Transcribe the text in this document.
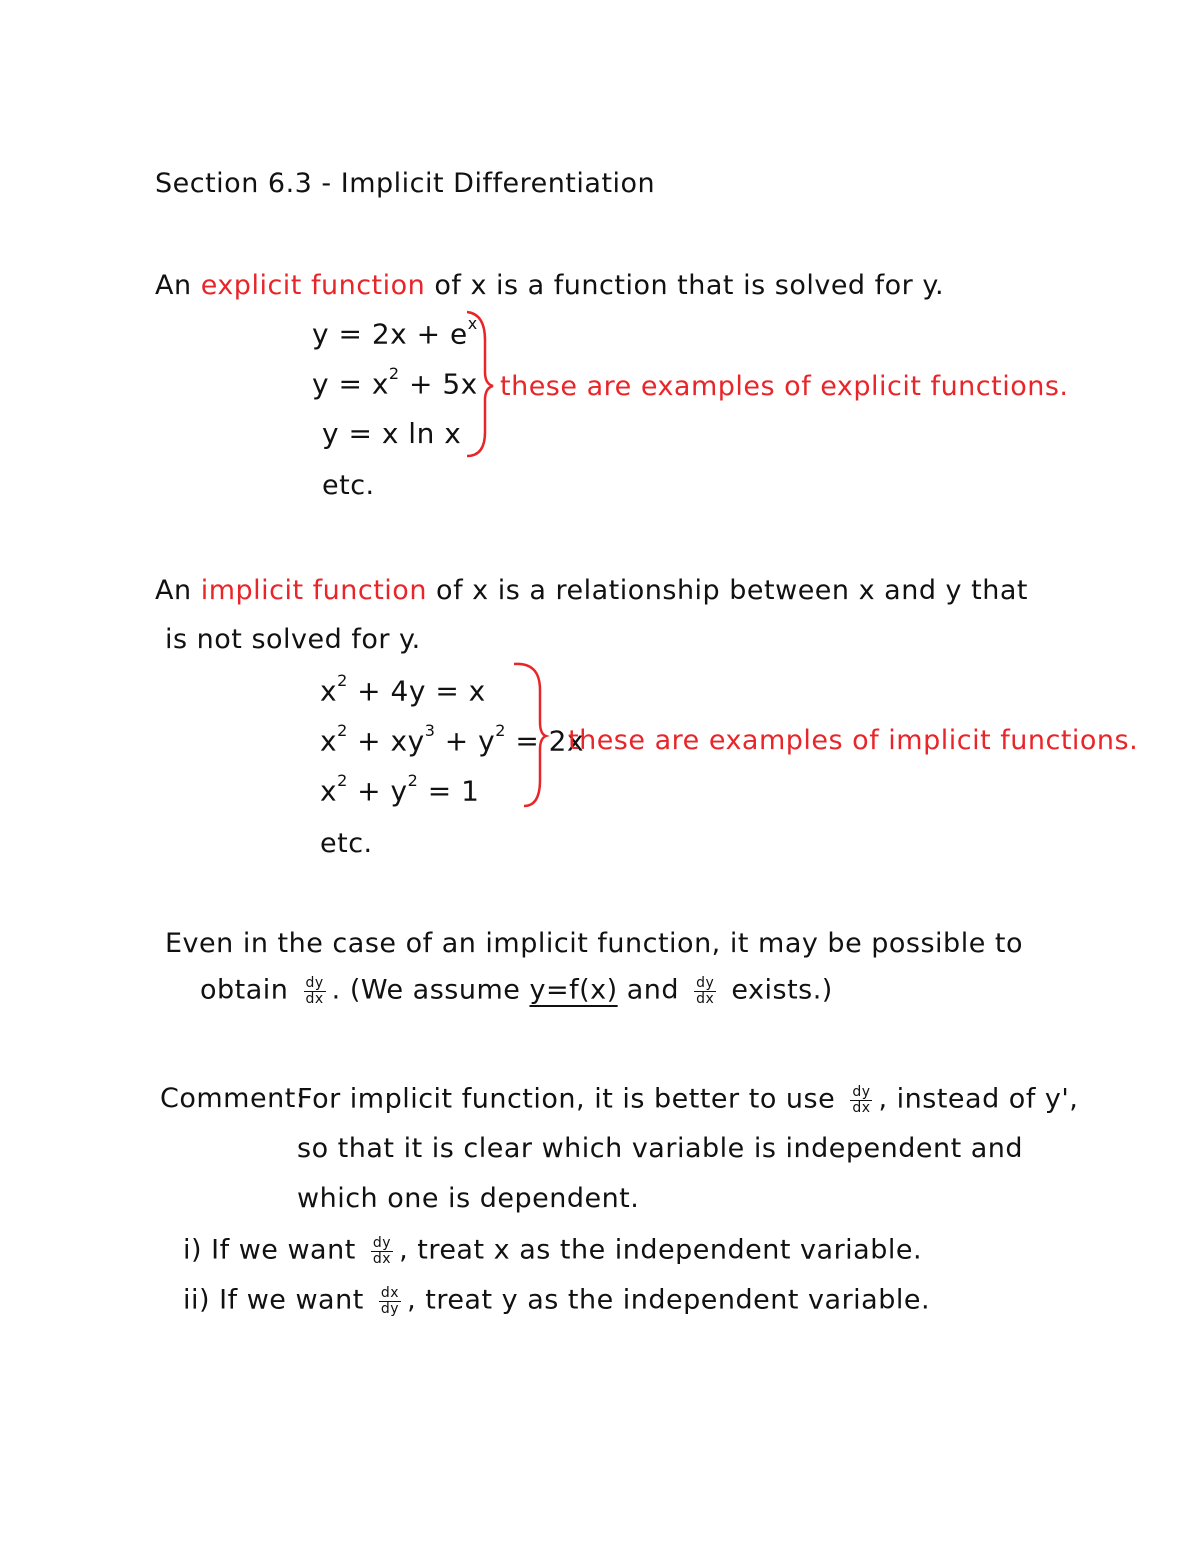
Section 6.3 - Implicit Differentiation
An explicit function of x is a function that is solved for y.
$y = 2x + e^x$
$y = x^2 + 5x$
y = x ln x
etc.
these are examples of explicit functions.
An implicit function of x is a relationship between x and y that
is not solved for y.
$x^2 + 4y = x$
$x^2 + xy^3 + y^2 = 2x$
$x^2 + y^2 = 1$
etc.
these are examples of implicit functions.
Even in the case of an implicit function, it may be possible to
obtain $\frac{dy}{dx}$ . (We assume y=f(x) and $\frac{dy}{dx}$ exists.)
Comment:
For implicit function, it is better to use $\frac{dy}{dx}$ , instead of y',
so that it is clear which variable is independent and
which one is dependent.
i) If we want $\frac{dy}{dx}$ , treat x as the independent variable.
ii) If we want $\frac{dx}{dy}$ , treat y as the independent variable.
